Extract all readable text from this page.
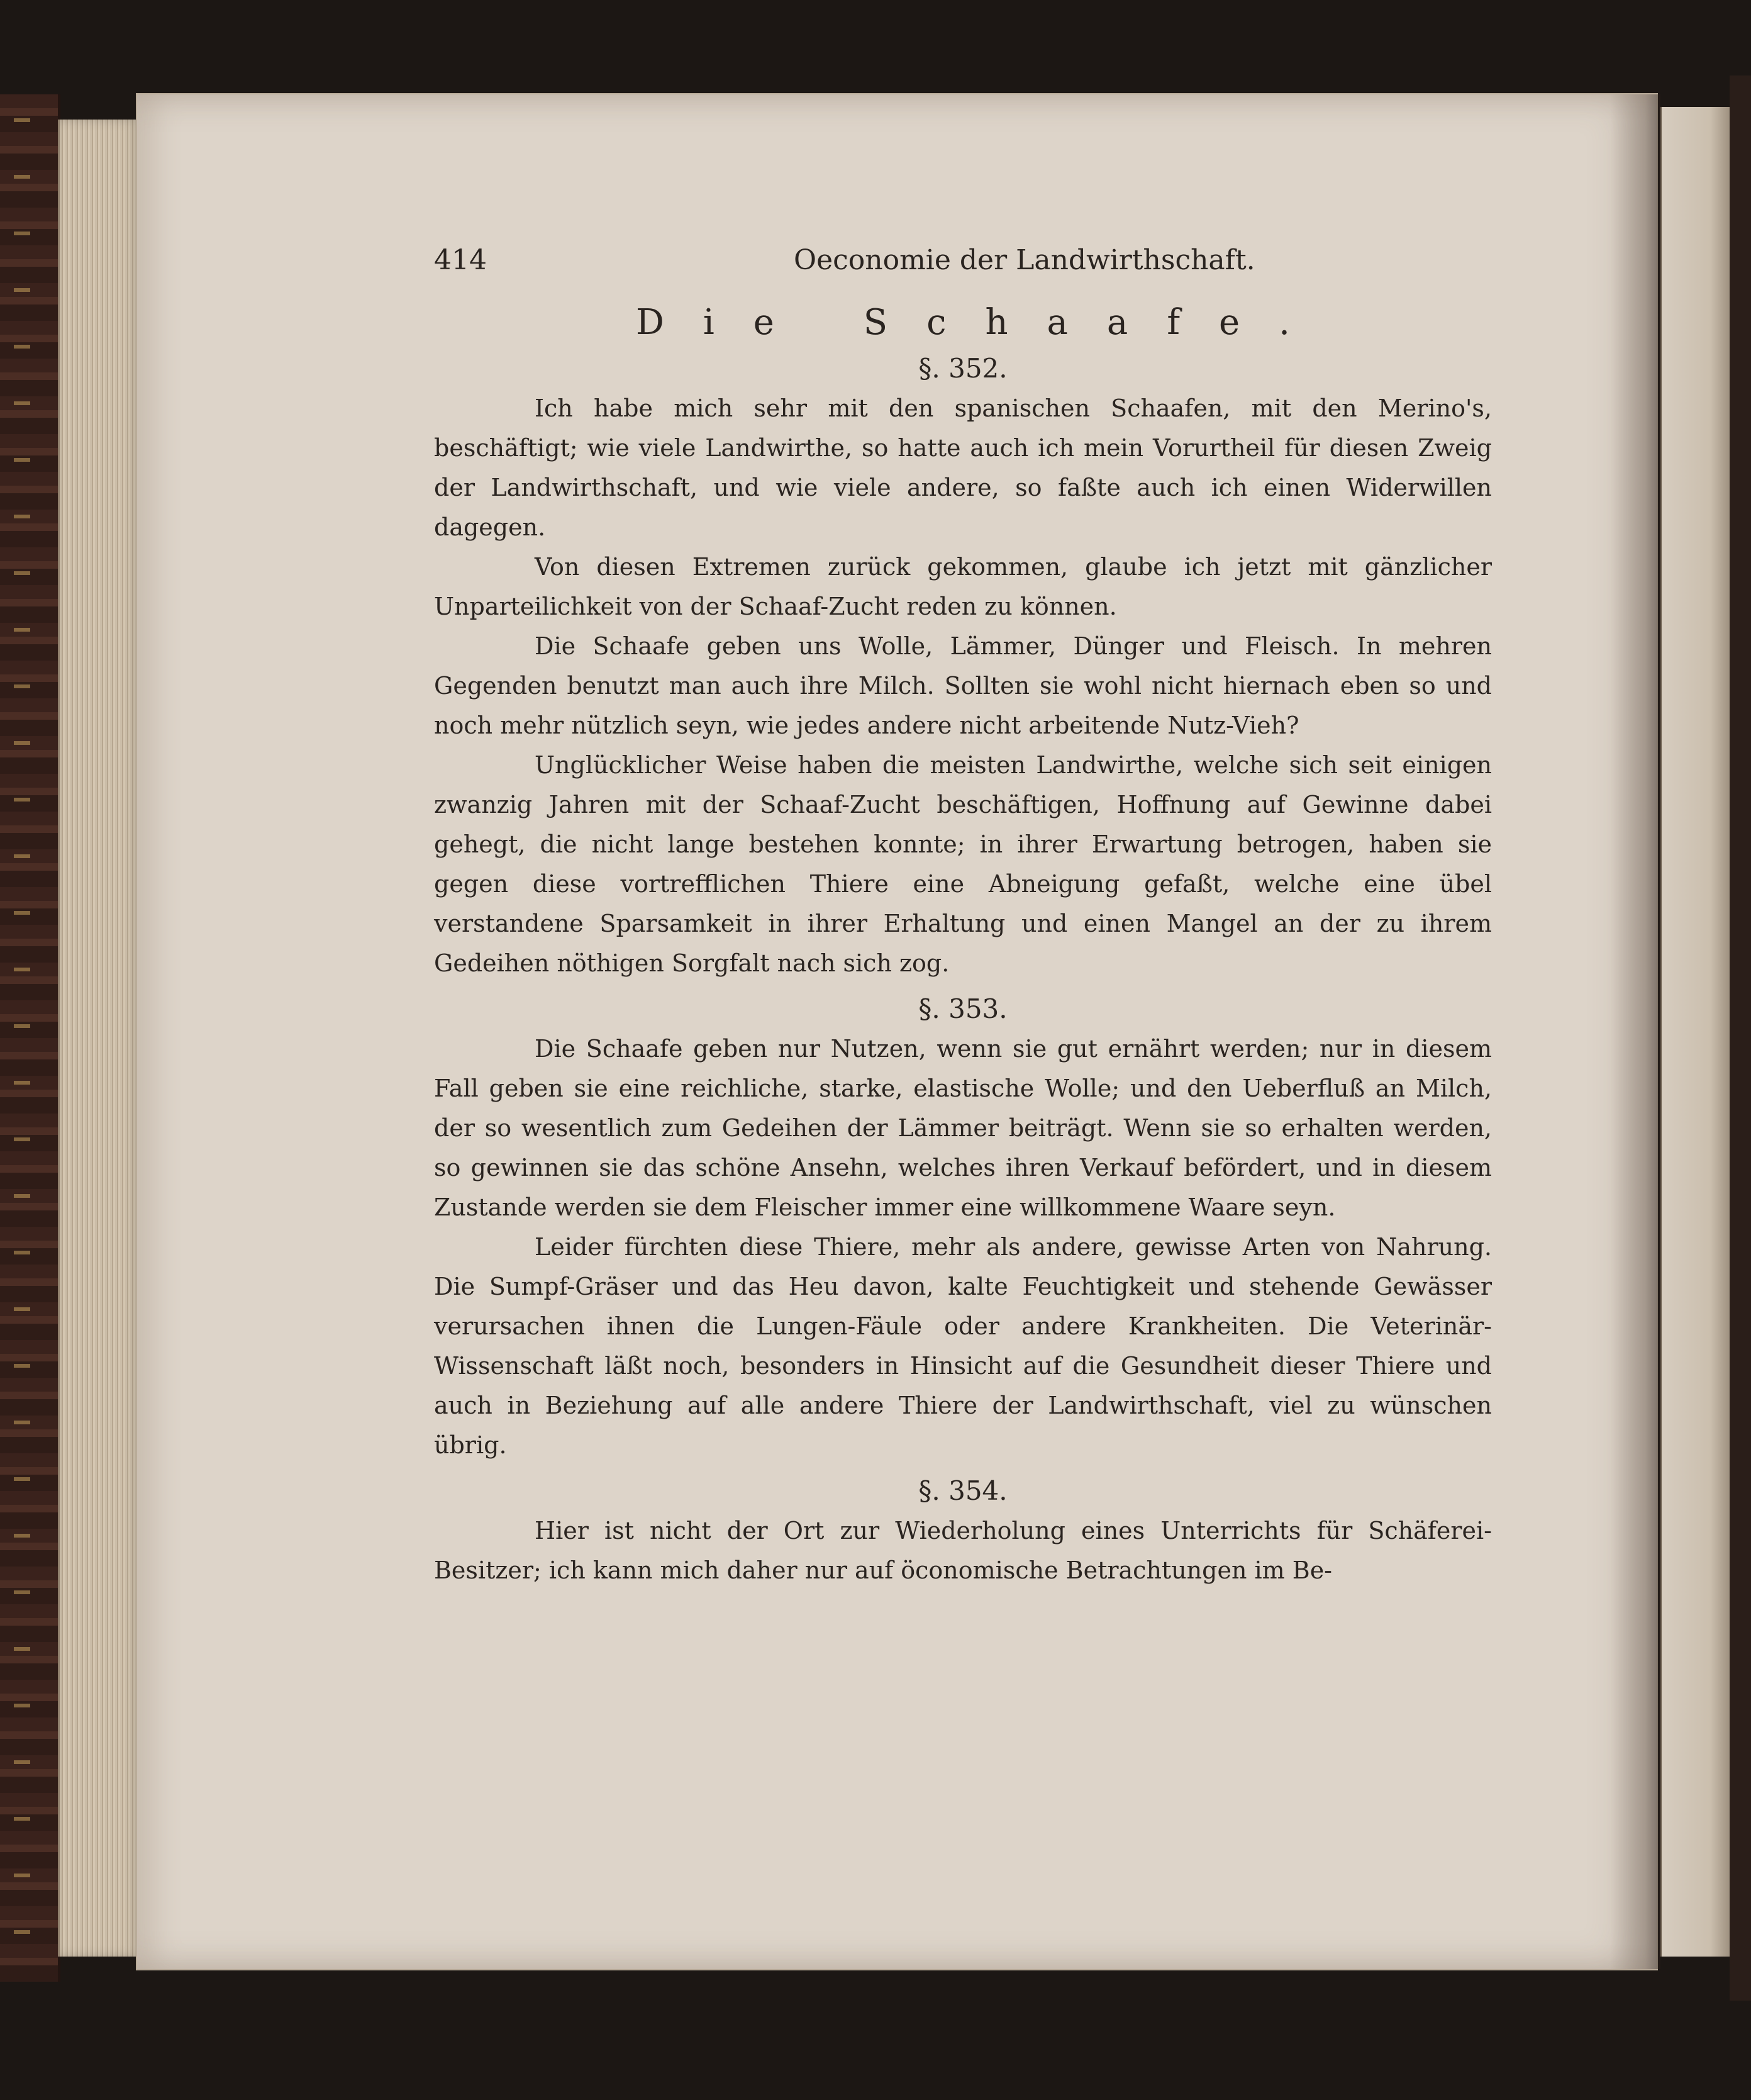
414	Oeconomie der Landwirthschaft.
Die Schaafe.
§. 352.

Ich habe mich sehr mit den spanischen Schaafen, mit den Merino's, beschäftigt; wie viele Landwirthe, so hatte auch ich mein Vorurtheil für diesen Zweig der Landwirthschaft, und wie viele andere, so faßte auch ich einen Widerwillen dagegen.

Von diesen Extremen zurück gekommen, glaube ich jetzt mit gänzlicher Unparteilichkeit von der Schaaf-Zucht reden zu können.

Die Schaafe geben uns Wolle, Lämmer, Dünger und Fleisch. In mehren Gegenden benutzt man auch ihre Milch. Sollten sie wohl nicht hiernach eben so und noch mehr nützlich seyn, wie jedes andere nicht arbeitende Nutz-Vieh?

Unglücklicher Weise haben die meisten Landwirthe, welche sich seit einigen zwanzig Jahren mit der Schaaf-Zucht beschäftigen, Hoffnung auf Gewinne dabei gehegt, die nicht lange bestehen konnte; in ihrer Erwartung betrogen, haben sie gegen diese vortrefflichen Thiere eine Abneigung gefaßt, welche eine übel verstandene Sparsamkeit in ihrer Erhaltung und einen Mangel an der zu ihrem Gedeihen nöthigen Sorgfalt nach sich zog.

§. 353.

Die Schaafe geben nur Nutzen, wenn sie gut ernährt werden; nur in diesem Fall geben sie eine reichliche, starke, elastische Wolle; und den Ueberfluß an Milch, der so wesentlich zum Gedeihen der Lämmer beiträgt. Wenn sie so erhalten werden, so gewinnen sie das schöne Ansehn, welches ihren Verkauf befördert, und in diesem Zustande werden sie dem Fleischer immer eine willkommene Waare seyn.

Leider fürchten diese Thiere, mehr als andere, gewisse Arten von Nahrung. Die Sumpf-Gräser und das Heu davon, kalte Feuchtigkeit und stehende Gewässer verursachen ihnen die Lungen-Fäule oder andere Krankheiten. Die Veterinär-Wissenschaft läßt noch, besonders in Hinsicht auf die Gesundheit dieser Thiere und auch in Beziehung auf alle andere Thiere der Landwirthschaft, viel zu wünschen übrig.

§. 354.

Hier ist nicht der Ort zur Wiederholung eines Unterrichts für Schäferei-Besitzer; ich kann mich daher nur auf öconomische Betrachtungen im Be-
